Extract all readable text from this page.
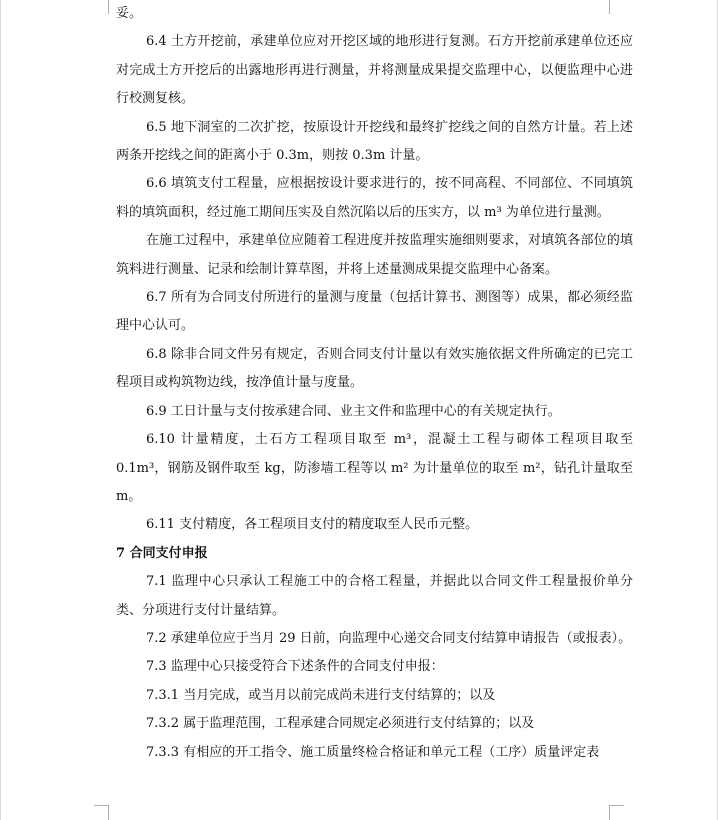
妥。

6.4 土方开挖前，承建单位应对开挖区域的地形进行复测。石方开挖前承建单位还应对完成土方开挖后的出露地形再进行测量，并将测量成果提交监理中心，以便监理中心进行校测复核。

6.5 地下洞室的二次扩挖，按原设计开挖线和最终扩挖线之间的自然方计量。若上述两条开挖线之间的距离小于 0.3m，则按 0.3m 计量。

6.6 填筑支付工程量，应根据按设计要求进行的，按不同高程、不同部位、不同填筑料的填筑面积，经过施工期间压实及自然沉陷以后的压实方，以 m³ 为单位进行量测。

在施工过程中，承建单位应随着工程进度并按监理实施细则要求，对填筑各部位的填筑料进行测量、记录和绘制计算草图，并将上述量测成果提交监理中心备案。

6.7 所有为合同支付所进行的量测与度量（包括计算书、测图等）成果，都必须经监理中心认可。

6.8 除非合同文件另有规定，否则合同支付计量以有效实施依据文件所确定的已完工程项目或构筑物边线，按净值计量与度量。

6.9 工日计量与支付按承建合同、业主文件和监理中心的有关规定执行。

6.10 计量精度，土石方工程项目取至 m³，混凝土工程与砌体工程项目取至 0.1m³，钢筋及钢件取至 kg，防渗墙工程等以 m² 为计量单位的取至 m²，钻孔计量取至 m。

6.11 支付精度，各工程项目支付的精度取至人民币元整。

7 合同支付申报

7.1 监理中心只承认工程施工中的合格工程量，并据此以合同文件工程量报价单分类、分项进行支付计量结算。

7.2 承建单位应于当月 29 日前，向监理中心递交合同支付结算申请报告（或报表）。

7.3 监理中心只接受符合下述条件的合同支付申报：

7.3.1 当月完成，或当月以前完成尚未进行支付结算的；以及

7.3.2 属于监理范围，工程承建合同规定必须进行支付结算的；以及

7.3.3 有相应的开工指令、施工质量终检合格证和单元工程（工序）质量评定表
